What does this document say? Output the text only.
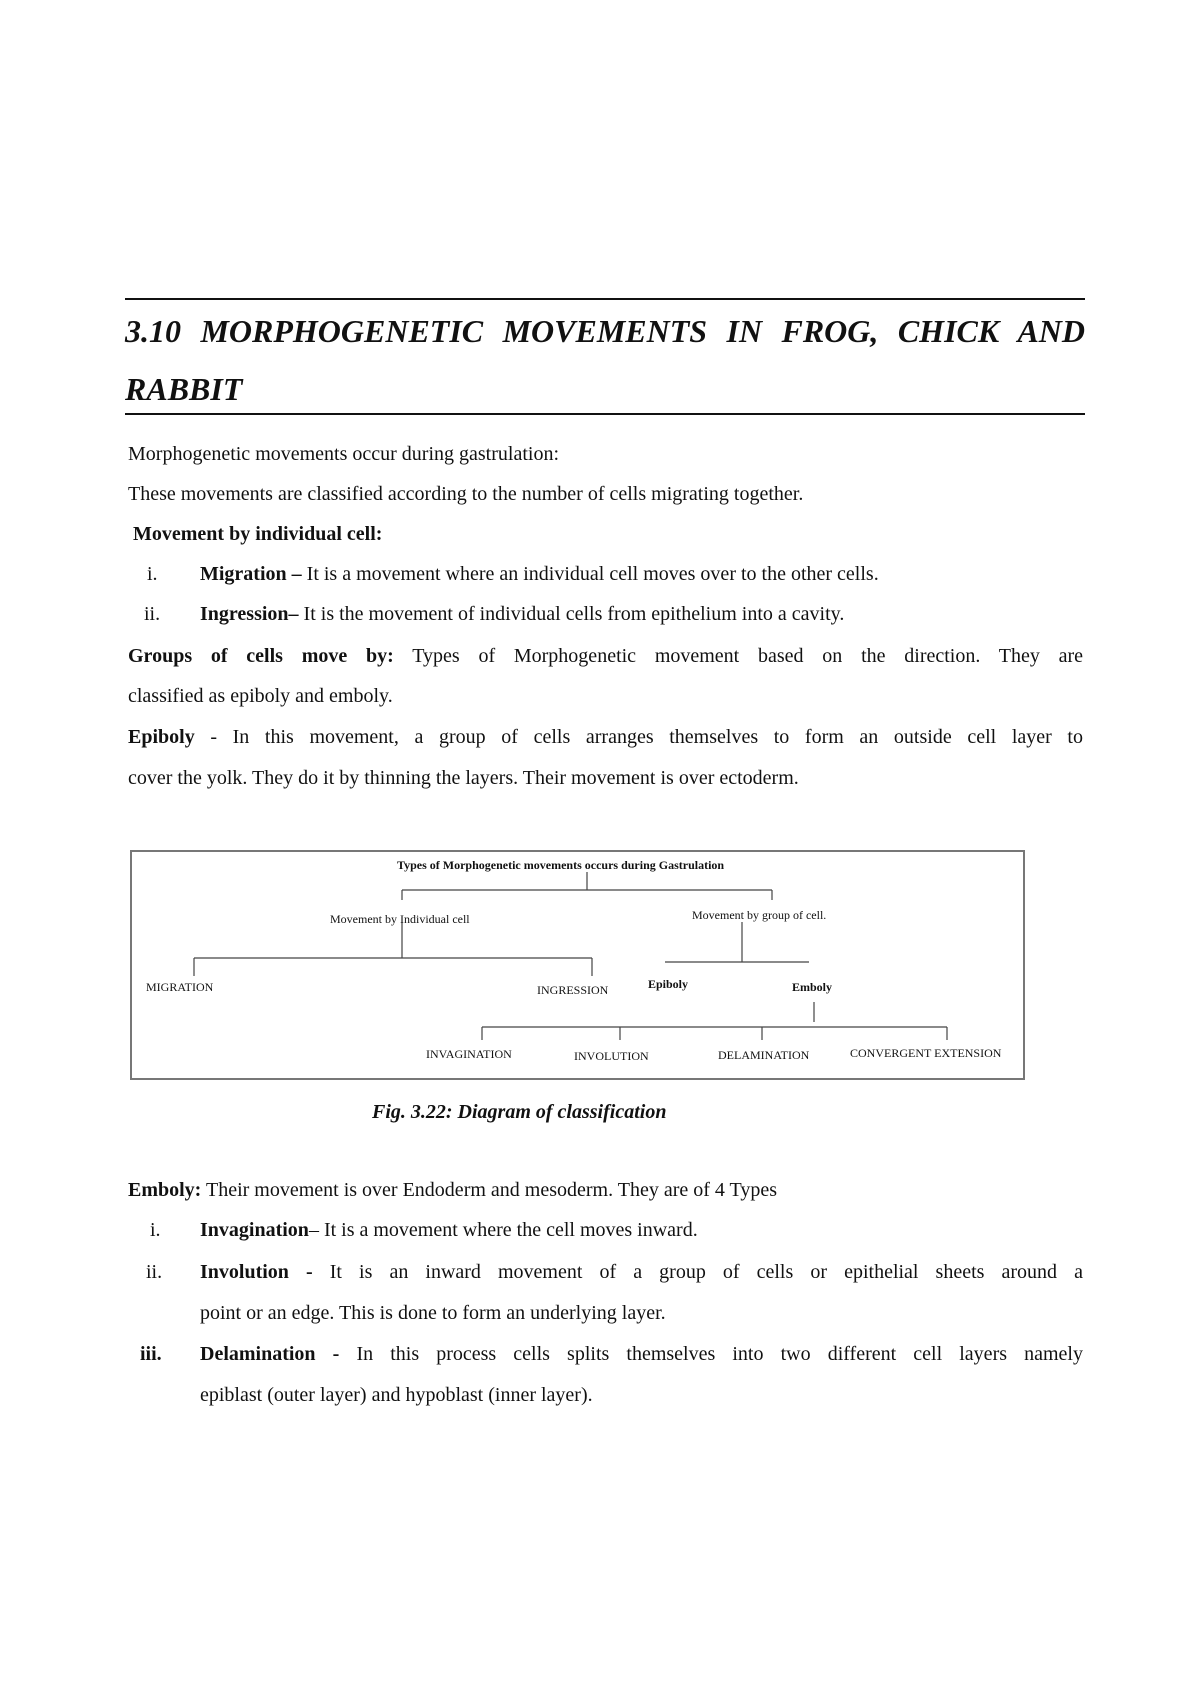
3.10 MORPHOGENETIC MOVEMENTS IN FROG, CHICK AND RABBIT
Morphogenetic movements occur during gastrulation:
These movements are classified according to the number of cells migrating together.
Movement by individual cell:
i. Migration – It is a movement where an individual cell moves over to the other cells.
ii. Ingression– It is the movement of individual cells from epithelium into a cavity.
Groups of cells move by: Types of Morphogenetic movement based on the direction. They are
classified as epiboly and emboly.
Epiboly - In this movement, a group of cells arranges themselves to form an outside cell layer to
cover the yolk. They do it by thinning the layers. Their movement is over ectoderm.
Types of Morphogenetic movements occurs during Gastrulation
Movement by Individual cell	Movement by group of cell.
MIGRATION	INGRESSION	Epiboly	Emboly
INVAGINATION	INVOLUTION	DELAMINATION	CONVERGENT EXTENSION
Fig. 3.22: Diagram of classification
Emboly: Their movement is over Endoderm and mesoderm. They are of 4 Types
i. Invagination– It is a movement where the cell moves inward.
ii. Involution - It is an inward movement of a group of cells or epithelial sheets around a
point or an edge. This is done to form an underlying layer.
iii. Delamination - In this process cells splits themselves into two different cell layers namely
epiblast (outer layer) and hypoblast (inner layer).
